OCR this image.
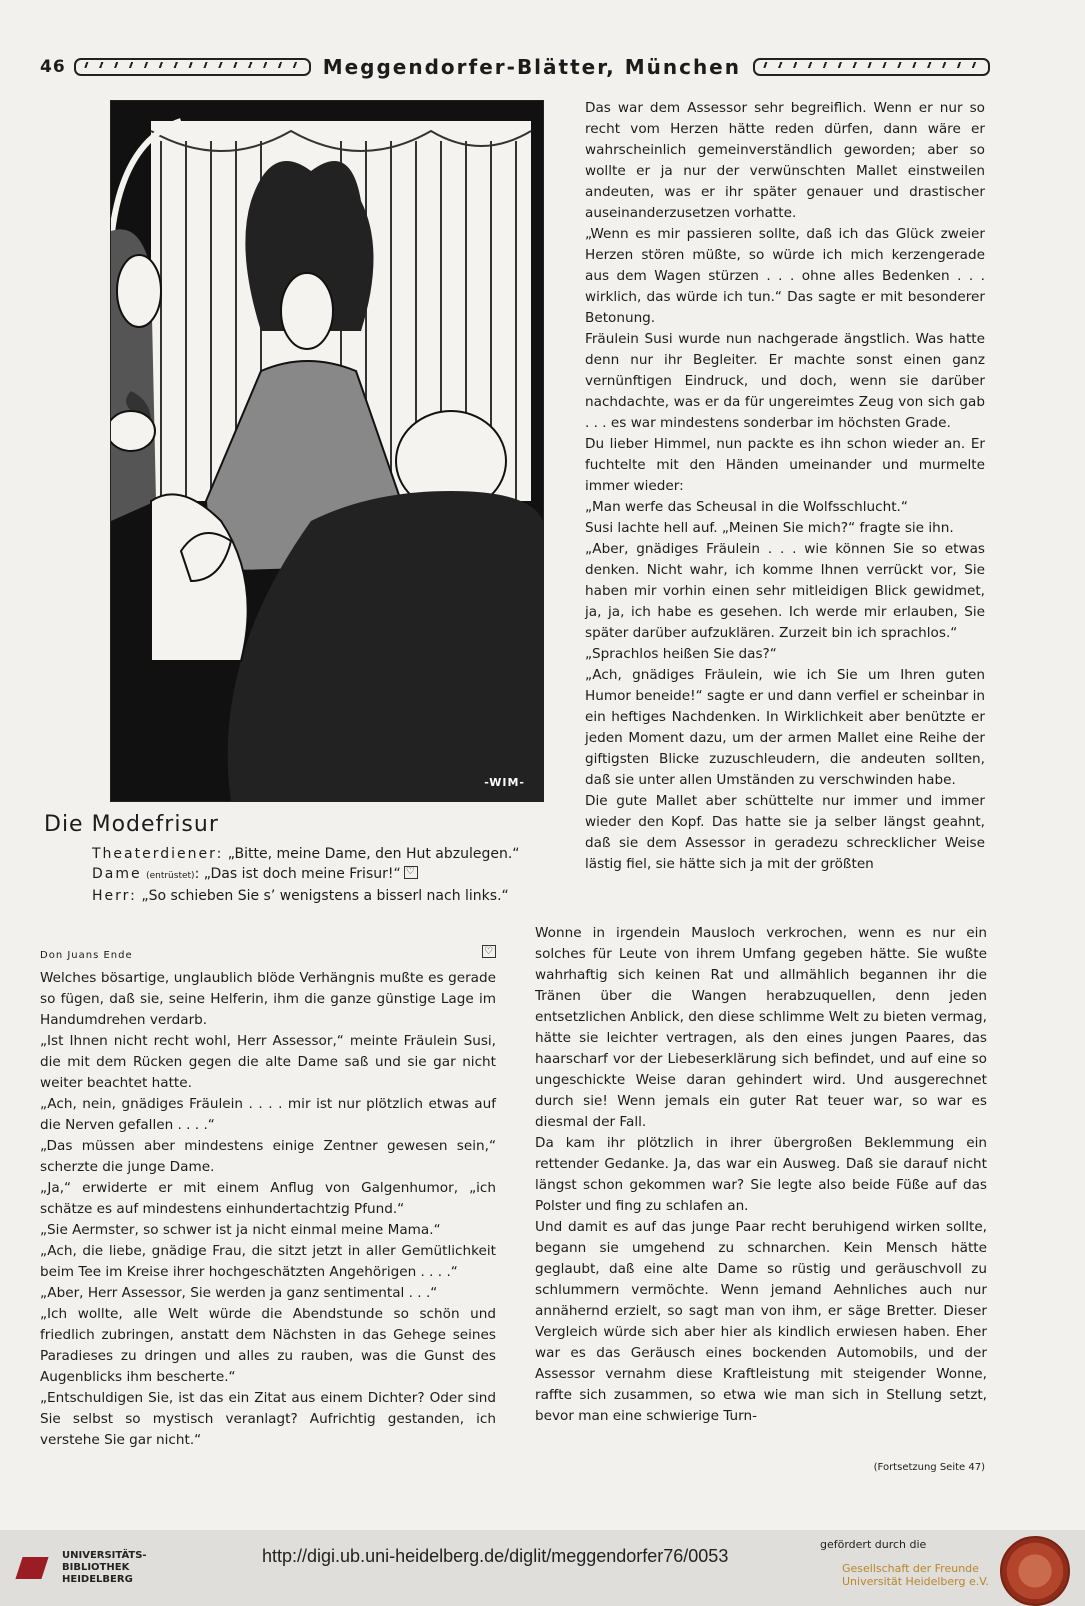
46	Meggendorfer-Blätter, München
-WIM-
Die Modefrisur
Theaterdiener: „Bitte, meine Dame, den Hut abzulegen.“
Dame (entrüstet): „Das ist doch meine Frisur!“♡
Herr: „So schieben Sie s’ wenigstens a bisserl nach links.“

Das war dem Assessor sehr begreiflich. Wenn er nur so recht vom Herzen hätte reden dürfen, dann wäre er wahrscheinlich gemeinverständlich geworden; aber so wollte er ja nur der verwünschten Mallet einstweilen andeuten, was er ihr später genauer und drastischer auseinanderzusetzen vorhatte.

„Wenn es mir passieren sollte, daß ich das Glück zweier Herzen stören müßte, so würde ich mich kerzengerade aus dem Wagen stürzen . . . ohne alles Bedenken . . . wirklich, das würde ich tun.“ Das sagte er mit besonderer Betonung.

Fräulein Susi wurde nun nachgerade ängstlich. Was hatte denn nur ihr Begleiter. Er machte sonst einen ganz vernünftigen Eindruck, und doch, wenn sie darüber nachdachte, was er da für ungereimtes Zeug von sich gab . . . es war mindestens sonderbar im höchsten Grade.

Du lieber Himmel, nun packte es ihn schon wieder an. Er fuchtelte mit den Händen umeinander und murmelte immer wieder:

„Man werfe das Scheusal in die Wolfsschlucht.“

Susi lachte hell auf. „Meinen Sie mich?“ fragte sie ihn.

„Aber, gnädiges Fräulein . . . wie können Sie so etwas denken. Nicht wahr, ich komme Ihnen verrückt vor, Sie haben mir vorhin einen sehr mitleidigen Blick gewidmet, ja, ja, ich habe es gesehen. Ich werde mir erlauben, Sie später darüber aufzuklären. Zurzeit bin ich sprachlos.“

„Sprachlos heißen Sie das?“

„Ach, gnädiges Fräulein, wie ich Sie um Ihren guten Humor beneide!“ sagte er und dann verfiel er scheinbar in ein heftiges Nachdenken. In Wirklichkeit aber benützte er jeden Moment dazu, um der armen Mallet eine Reihe der giftigsten Blicke zuzuschleudern, die andeuten sollten, daß sie unter allen Umständen zu verschwinden habe.

Die gute Mallet aber schüttelte nur immer und immer wieder den Kopf. Das hatte sie ja selber längst geahnt, daß sie dem Assessor in geradezu schrecklicher Weise lästig fiel, sie hätte sich ja mit der größten

Don Juans Ende
♡

Welches bösartige, unglaublich blöde Verhängnis mußte es gerade so fügen, daß sie, seine Helferin, ihm die ganze günstige Lage im Handumdrehen verdarb.

„Ist Ihnen nicht recht wohl, Herr Assessor,“ meinte Fräulein Susi, die mit dem Rücken gegen die alte Dame saß und sie gar nicht weiter beachtet hatte.

„Ach, nein, gnädiges Fräulein . . . . mir ist nur plötzlich etwas auf die Nerven gefallen . . . .“

„Das müssen aber mindestens einige Zentner gewesen sein,“ scherzte die junge Dame.

„Ja,“ erwiderte er mit einem Anflug von Galgenhumor, „ich schätze es auf mindestens einhundertachtzig Pfund.“

„Sie Aermster, so schwer ist ja nicht einmal meine Mama.“

„Ach, die liebe, gnädige Frau, die sitzt jetzt in aller Gemütlichkeit beim Tee im Kreise ihrer hochgeschätzten Angehörigen . . . .“

„Aber, Herr Assessor, Sie werden ja ganz sentimental . . .“

„Ich wollte, alle Welt würde die Abendstunde so schön und friedlich zubringen, anstatt dem Nächsten in das Gehege seines Paradieses zu dringen und alles zu rauben, was die Gunst des Augenblicks ihm bescherte.“

„Entschuldigen Sie, ist das ein Zitat aus einem Dichter? Oder sind Sie selbst so mystisch veranlagt? Aufrichtig gestanden, ich verstehe Sie gar nicht.“

Wonne in irgendein Mausloch verkrochen, wenn es nur ein solches für Leute von ihrem Umfang gegeben hätte. Sie wußte wahrhaftig sich keinen Rat und allmählich begannen ihr die Tränen über die Wangen herabzuquellen, denn jeden entsetzlichen Anblick, den diese schlimme Welt zu bieten vermag, hätte sie leichter vertragen, als den eines jungen Paares, das haarscharf vor der Liebeserklärung sich befindet, und auf eine so ungeschickte Weise daran gehindert wird. Und ausgerechnet durch sie! Wenn jemals ein guter Rat teuer war, so war es diesmal der Fall.

Da kam ihr plötzlich in ihrer übergroßen Beklemmung ein rettender Gedanke. Ja, das war ein Ausweg. Daß sie darauf nicht längst schon gekommen war? Sie legte also beide Füße auf das Polster und fing zu schlafen an.

Und damit es auf das junge Paar recht beruhigend wirken sollte, begann sie umgehend zu schnarchen. Kein Mensch hätte geglaubt, daß eine alte Dame so rüstig und geräuschvoll zu schlummern vermöchte. Wenn jemand Aehnliches auch nur annähernd erzielt, so sagt man von ihm, er säge Bretter. Dieser Vergleich würde sich aber hier als kindlich erwiesen haben. Eher war es das Geräusch eines bockenden Automobils, und der Assessor vernahm diese Kraftleistung mit steigender Wonne, raffte sich zusammen, so etwa wie man sich in Stellung setzt, bevor man eine schwierige Turn-

(Fortsetzung Seite 47)
UNIVERSITÄTS-
BIBLIOTHEK
HEIDELBERG
http://digi.ub.uni-heidelberg.de/diglit/meggendorfer76/0053
gefördert durch die
Gesellschaft der Freunde
Universität Heidelberg e.V.
